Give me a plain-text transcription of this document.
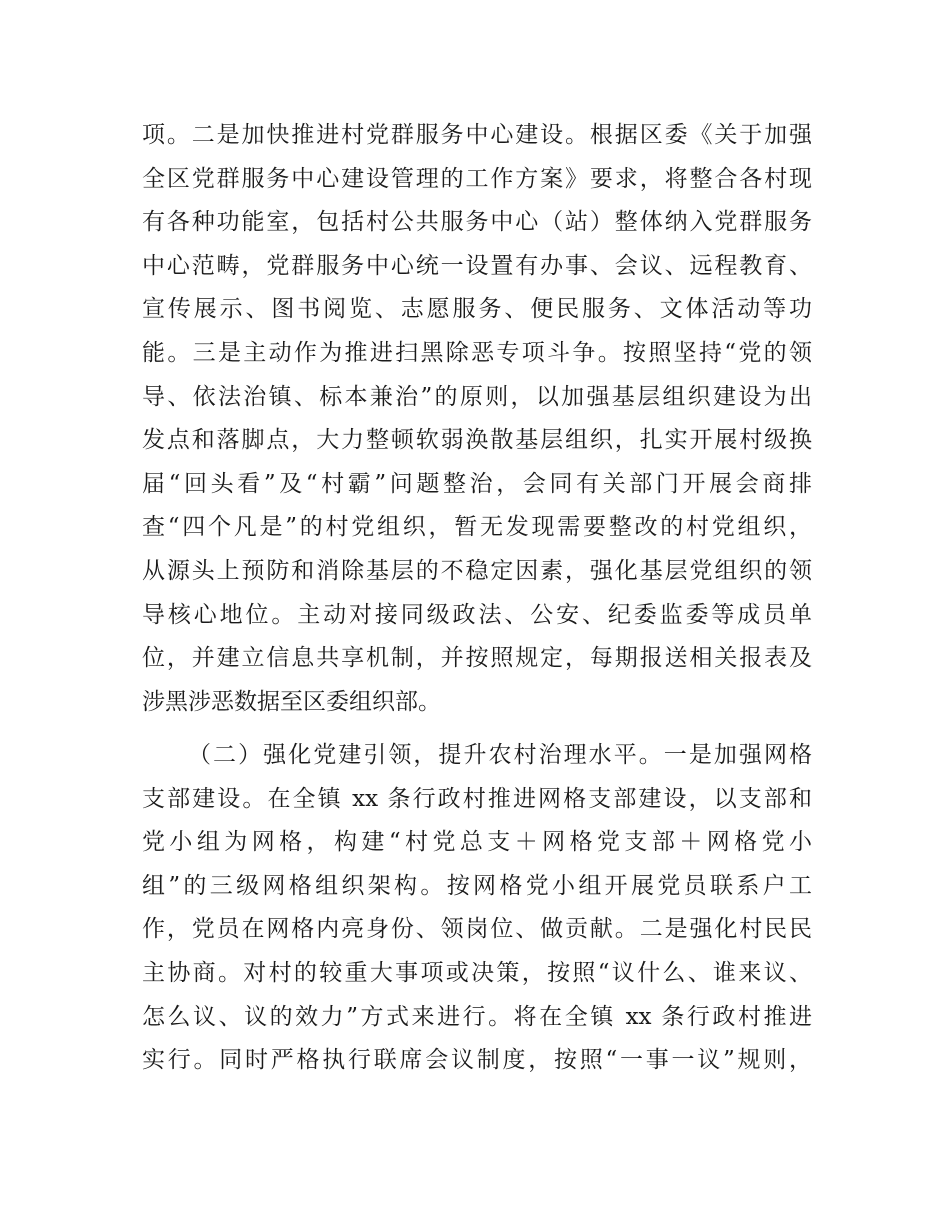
项。二是加快推进村党群服务中心建设。根据区委《关于加强
全区党群服务中心建设管理的工作方案》要求，将整合各村现
有各种功能室，包括村公共服务中心（站）整体纳入党群服务
中心范畴，党群服务中心统一设置有办事、会议、远程教育、
宣传展示、图书阅览、志愿服务、便民服务、文体活动等功
能。三是主动作为推进扫黑除恶专项斗争。按照坚持“党的领
导、依法治镇、标本兼治”的原则，以加强基层组织建设为出
发点和落脚点，大力整顿软弱涣散基层组织，扎实开展村级换
届“回头看”及“村霸”问题整治，会同有关部门开展会商排
查“四个凡是”的村党组织，暂无发现需要整改的村党组织，
从源头上预防和消除基层的不稳定因素，强化基层党组织的领
导核心地位。主动对接同级政法、公安、纪委监委等成员单
位，并建立信息共享机制，并按照规定，每期报送相关报表及
涉黑涉恶数据至区委组织部。
（二）强化党建引领，提升农村治理水平。一是加强网格
支部建设。在全镇 xx 条行政村推进网格支部建设，以支部和
党小组为网格，构建“村党总支＋网格党支部＋网格党小
组”的三级网格组织架构。按网格党小组开展党员联系户工
作，党员在网格内亮身份、领岗位、做贡献。二是强化村民民
主协商。对村的较重大事项或决策，按照“议什么、谁来议、
怎么议、议的效力”方式来进行。将在全镇 xx 条行政村推进
实行。同时严格执行联席会议制度，按照“一事一议”规则，
